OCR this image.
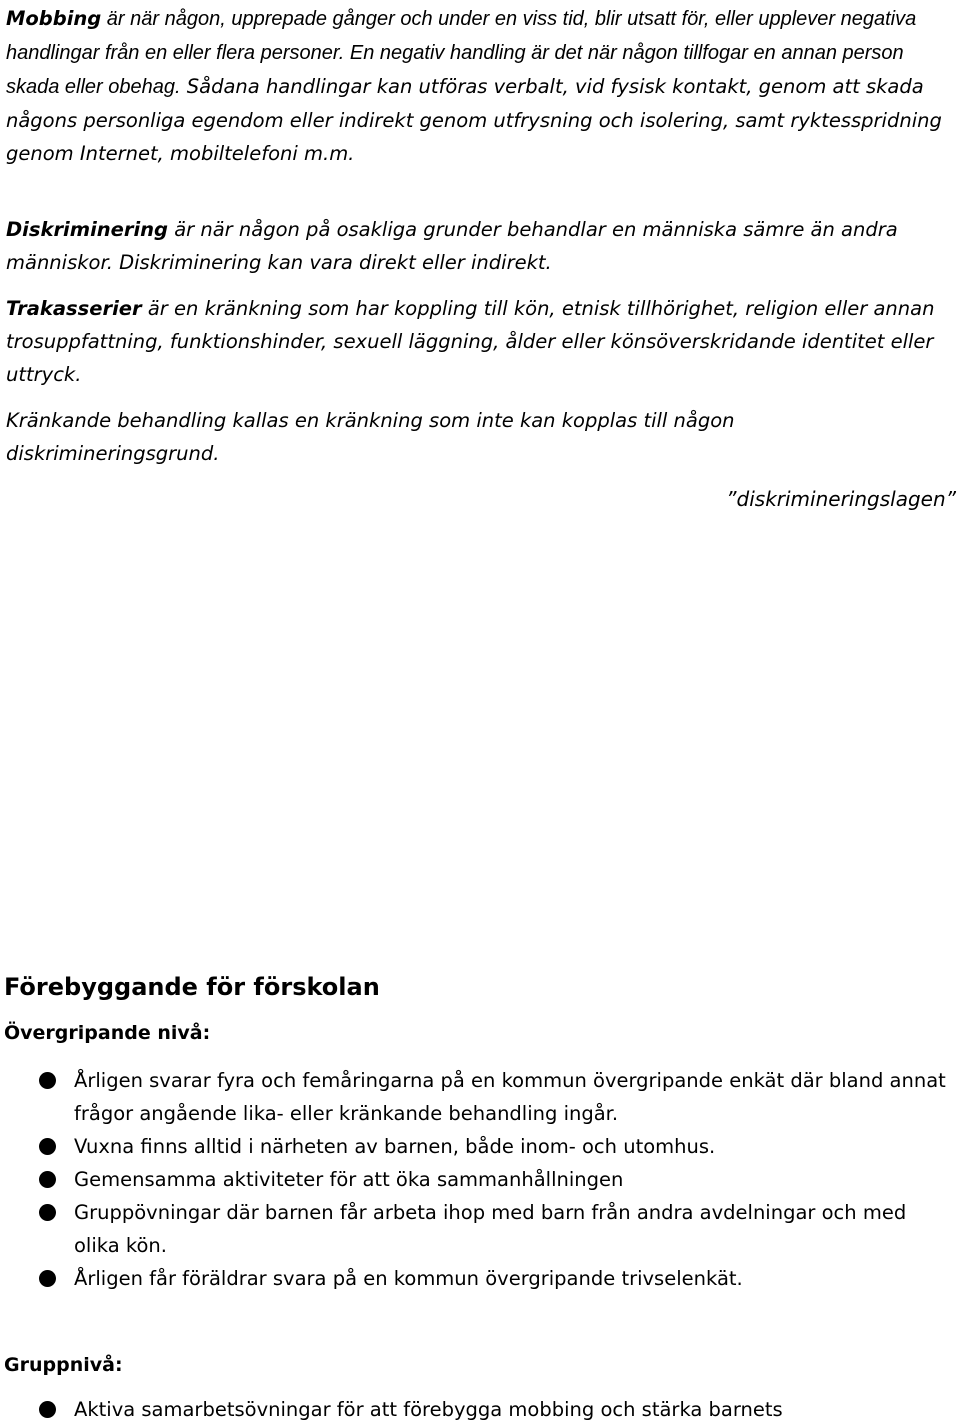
Mobbing är när någon, upprepade gånger och under en viss tid, blir utsatt för, eller upplever negativa handlingar från en eller flera personer. En negativ handling är det när någon tillfogar en annan person skada eller obehag. Sådana handlingar kan utföras verbalt, vid fysisk kontakt, genom att skada någons personliga egendom eller indirekt genom utfrysning och isolering, samt ryktesspridning genom Internet, mobiltelefoni m.m.

Diskriminering är när någon på osakliga grunder behandlar en människa sämre än andra människor. Diskriminering kan vara direkt eller indirekt.

Trakasserier är en kränkning som har koppling till kön, etnisk tillhörighet, religion eller annan trosuppfattning, funktionshinder, sexuell läggning, ålder eller könsöverskridande identitet eller uttryck.

Kränkande behandling kallas en kränkning som inte kan kopplas till någon diskrimineringsgrund.

”diskrimineringslagen”
Förebyggande för förskolan
Övergripande nivå:
Årligen svarar fyra och femåringarna på en kommun övergripande enkät där bland annat frågor angående lika- eller kränkande behandling ingår.
Vuxna finns alltid i närheten av barnen, både inom- och utomhus.
Gemensamma aktiviteter för att öka sammanhållningen
Gruppövningar där barnen får arbeta ihop med barn från andra avdelningar och med olika kön.
Årligen får föräldrar svara på en kommun övergripande trivselenkät.
Gruppnivå:
Aktiva samarbetsövningar för att förebygga mobbing och stärka barnets
